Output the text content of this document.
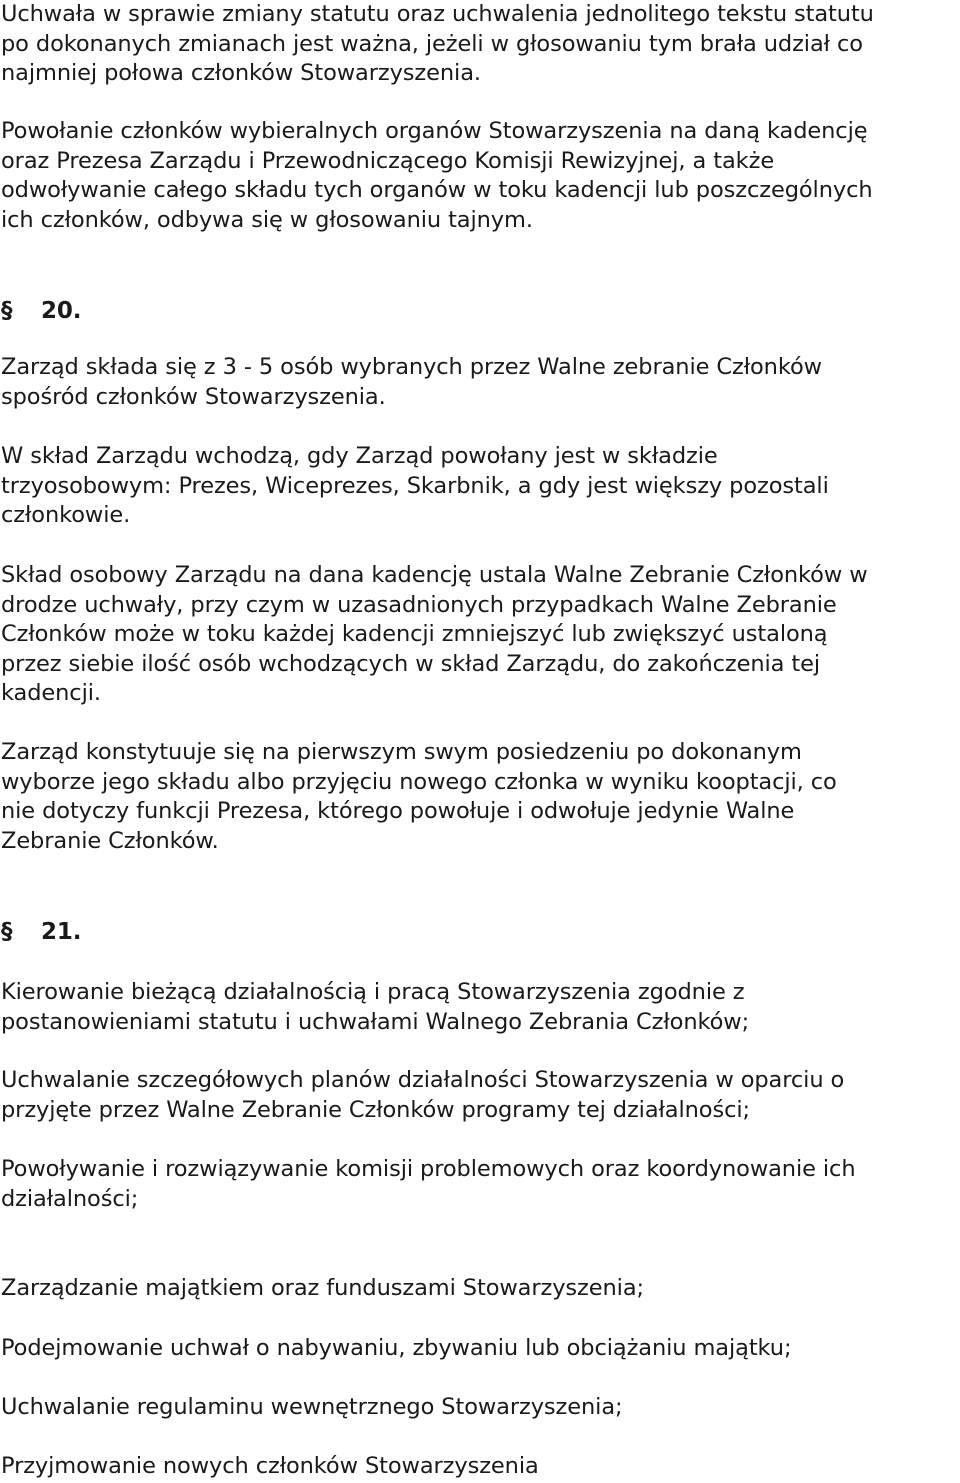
Uchwała w sprawie zmiany statutu oraz uchwalenia jednolitego tekstu statutu
po dokonanych zmianach jest ważna, jeżeli w głosowaniu tym brała udział co
najmniej połowa członków Stowarzyszenia.

Powołanie członków wybieralnych organów Stowarzyszenia na daną kadencję
oraz Prezesa Zarządu i Przewodniczącego Komisji Rewizyjnej, a także
odwoływanie całego składu tych organów w toku kadencji lub poszczególnych
ich członków, odbywa się w głosowaniu tajnym.

§ 20.

Zarząd składa się z 3 - 5 osób wybranych przez Walne zebranie Członków
spośród członków Stowarzyszenia.

W skład Zarządu wchodzą, gdy Zarząd powołany jest w składzie
trzyosobowym: Prezes, Wiceprezes, Skarbnik, a gdy jest większy pozostali
członkowie.

Skład osobowy Zarządu na dana kadencję ustala Walne Zebranie Członków w
drodze uchwały, przy czym w uzasadnionych przypadkach Walne Zebranie
Członków może w toku każdej kadencji zmniejszyć lub zwiększyć ustaloną
przez siebie ilość osób wchodzących w skład Zarządu, do zakończenia tej
kadencji.

Zarząd konstytuuje się na pierwszym swym posiedzeniu po dokonanym
wyborze jego składu albo przyjęciu nowego członka w wyniku kooptacji, co
nie dotyczy funkcji Prezesa, którego powołuje i odwołuje jedynie Walne
Zebranie Członków.

§ 21.

Kierowanie bieżącą działalnością i pracą Stowarzyszenia zgodnie z
postanowieniami statutu i uchwałami Walnego Zebrania Członków;

Uchwalanie szczegółowych planów działalności Stowarzyszenia w oparciu o
przyjęte przez Walne Zebranie Członków programy tej działalności;

Powoływanie i rozwiązywanie komisji problemowych oraz koordynowanie ich
działalności;

Zarządzanie majątkiem oraz funduszami Stowarzyszenia;

Podejmowanie uchwał o nabywaniu, zbywaniu lub obciążaniu majątku;

Uchwalanie regulaminu wewnętrznego Stowarzyszenia;

Przyjmowanie nowych członków Stowarzyszenia
